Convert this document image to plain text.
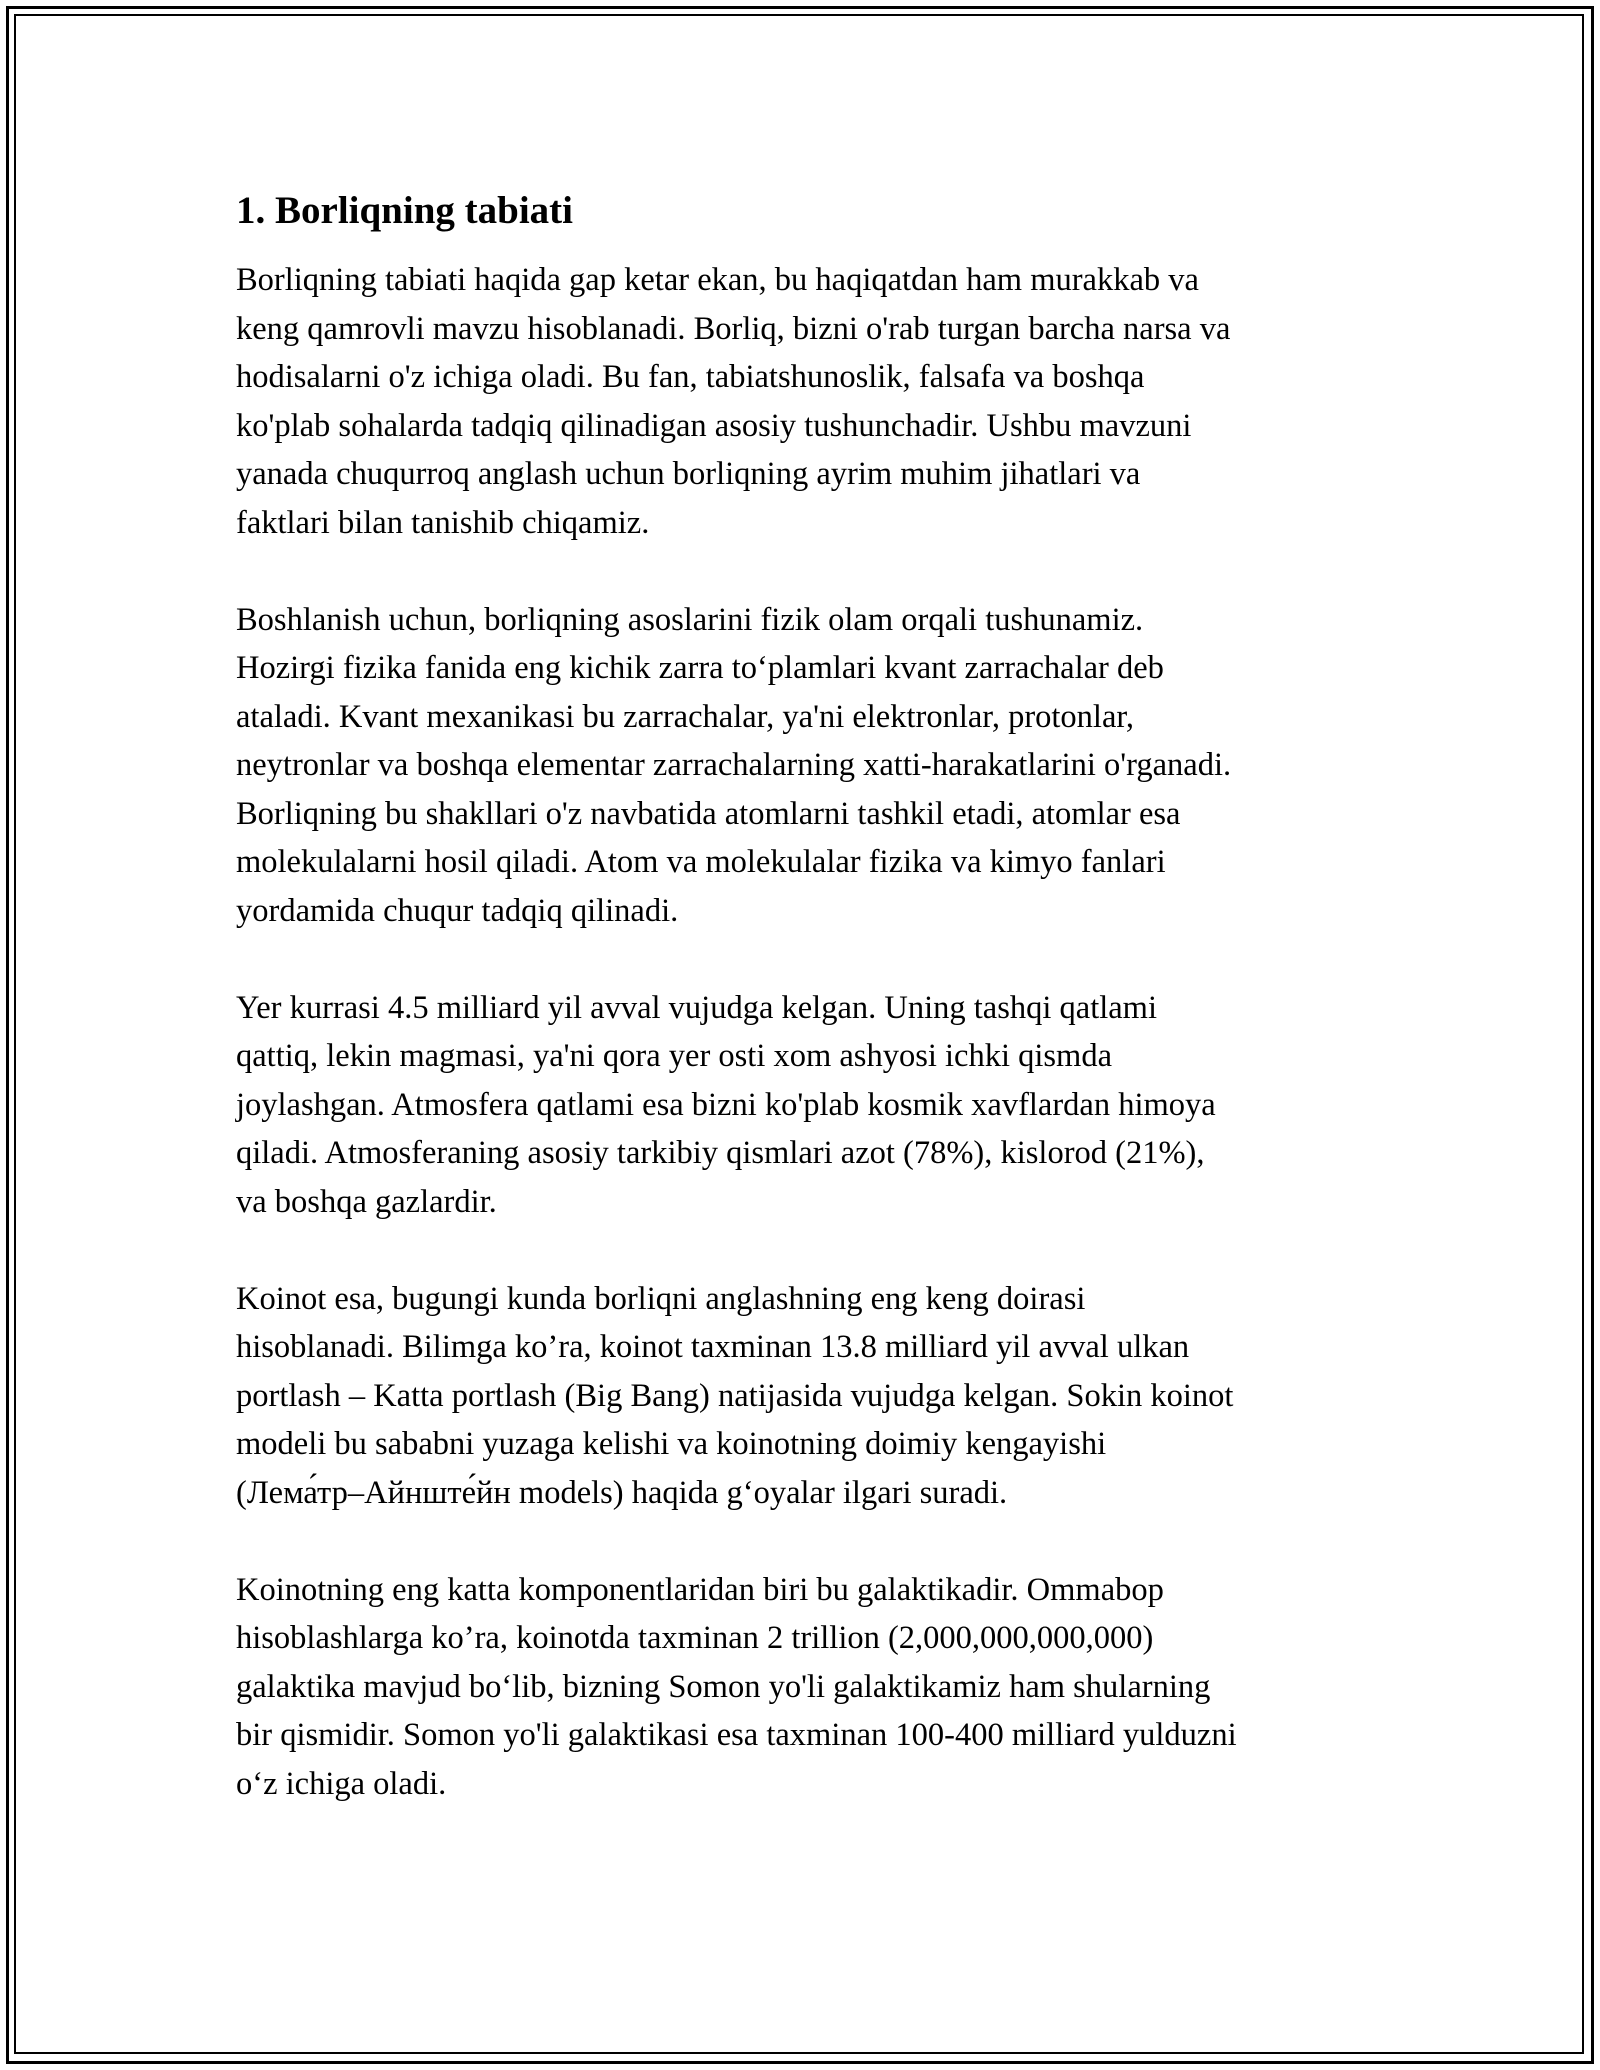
1. Borliqning tabiati

Borliqning tabiati haqida gap ketar ekan, bu haqiqatdan ham murakkab va
keng qamrovli mavzu hisoblanadi. Borliq, bizni o'rab turgan barcha narsa va
hodisalarni o'z ichiga oladi. Bu fan, tabiatshunoslik, falsafa va boshqa
ko'plab sohalarda tadqiq qilinadigan asosiy tushunchadir. Ushbu mavzuni
yanada chuqurroq anglash uchun borliqning ayrim muhim jihatlari va
faktlari bilan tanishib chiqamiz.

Boshlanish uchun, borliqning asoslarini fizik olam orqali tushunamiz.
Hozirgi fizika fanida eng kichik zarra to‘plamlari kvant zarrachalar deb
ataladi. Kvant mexanikasi bu zarrachalar, ya'ni elektronlar, protonlar,
neytronlar va boshqa elementar zarrachalarning xatti-harakatlarini o'rganadi.
Borliqning bu shakllari o'z navbatida atomlarni tashkil etadi, atomlar esa
molekulalarni hosil qiladi. Atom va molekulalar fizika va kimyo fanlari
yordamida chuqur tadqiq qilinadi.

Yer kurrasi 4.5 milliard yil avval vujudga kelgan. Uning tashqi qatlami
qattiq, lekin magmasi, ya'ni qora yer osti xom ashyosi ichki qismda
joylashgan. Atmosfera qatlami esa bizni ko'plab kosmik xavflardan himoya
qiladi. Atmosferaning asosiy tarkibiy qismlari azot (78%), kislorod (21%),
va boshqa gazlardir.

Koinot esa, bugungi kunda borliqni anglashning eng keng doirasi
hisoblanadi. Bilimga ko’ra, koinot taxminan 13.8 milliard yil avval ulkan
portlash – Katta portlash (Big Bang) natijasida vujudga kelgan. Sokin koinot
modeli bu sababni yuzaga kelishi va koinotning doimiy kengayishi
(Лема́тр–Айнште́йн models) haqida g‘oyalar ilgari suradi.

Koinotning eng katta komponentlaridan biri bu galaktikadir. Ommabop
hisoblashlarga ko’ra, koinotda taxminan 2 trillion (2,000,000,000,000)
galaktika mavjud bo‘lib, bizning Somon yo'li galaktikamiz ham shularning
bir qismidir. Somon yo'li galaktikasi esa taxminan 100-400 milliard yulduzni
o‘z ichiga oladi.
